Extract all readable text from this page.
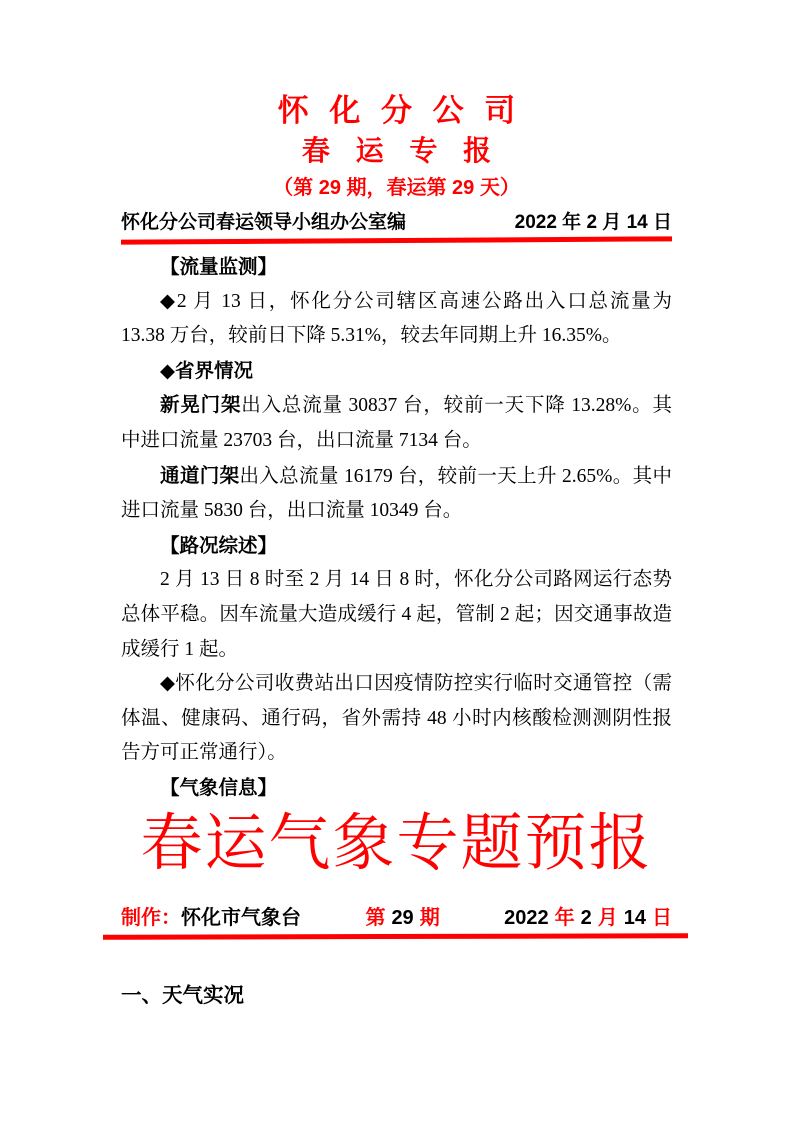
怀 化 分 公 司
春 运 专 报
（第 29 期，春运第 29 天）
怀化分公司春运领导小组办公室编	2022 年 2 月 14 日

【流量监测】

◆2 月 13 日，怀化分公司辖区高速公路出入口总流量为 13.38 万台，较前日下降 5.31%，较去年同期上升 16.35%。

◆省界情况

新晃门架出入总流量 30837 台，较前一天下降 13.28%。其中进口流量 23703 台，出口流量 7134 台。

通道门架出入总流量 16179 台，较前一天上升 2.65%。其中进口流量 5830 台，出口流量 10349 台。

【路况综述】

2 月 13 日 8 时至 2 月 14 日 8 时，怀化分公司路网运行态势总体平稳。因车流量大造成缓行 4 起，管制 2 起；因交通事故造成缓行 1 起。

◆怀化分公司收费站出口因疫情防控实行临时交通管控（需体温、健康码、通行码，省外需持 48 小时内核酸检测测阴性报告方可正常通行）。

【气象信息】

春运气象专题预报
制作：怀化市气象台	第 29 期	2022 年 2 月 14 日
一、天气实况
